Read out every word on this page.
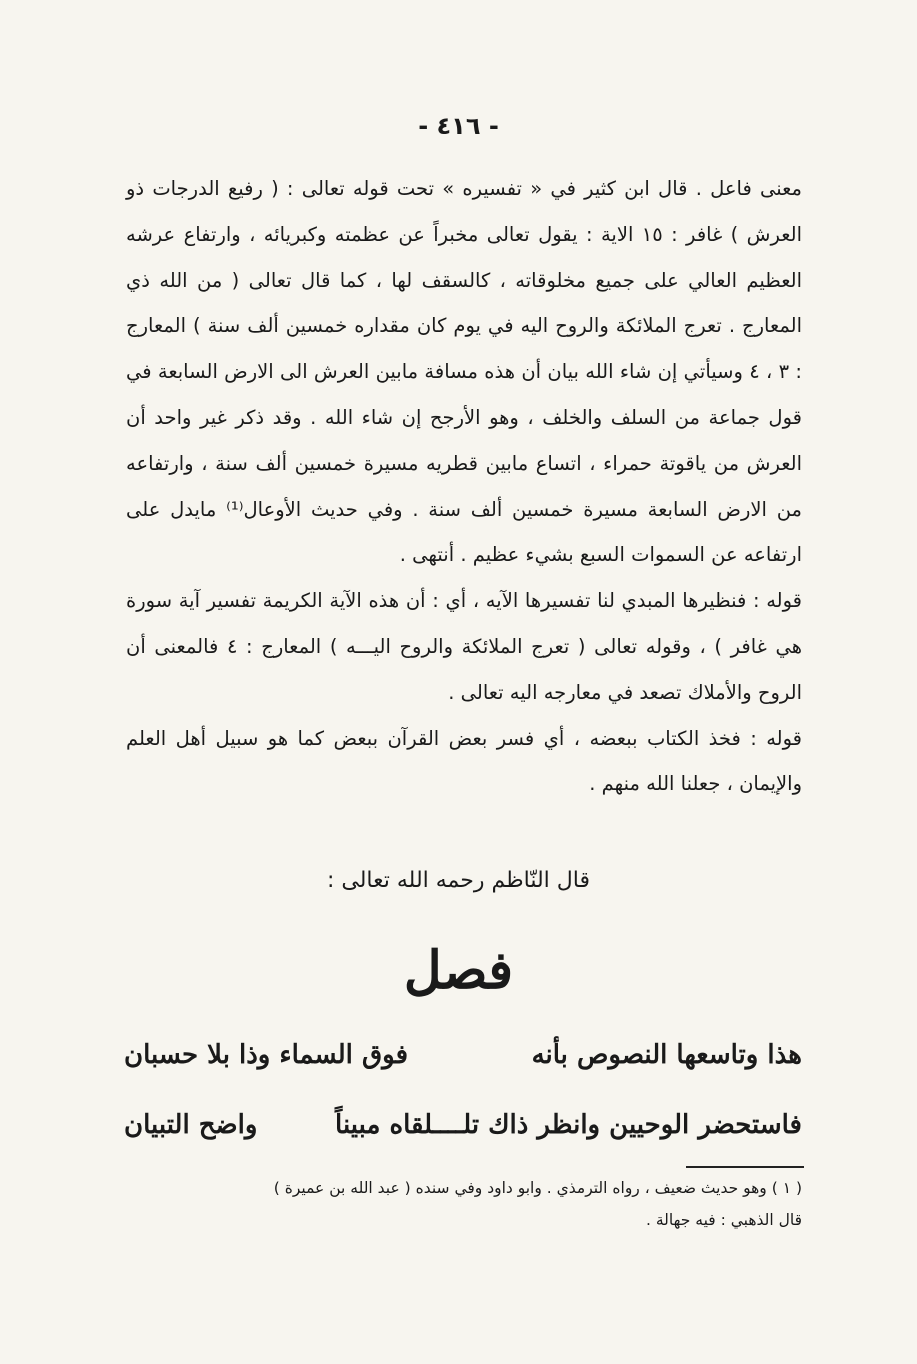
- ٤١٦ -

معنى فاعل . قال ابن كثير في « تفسيره » تحت قوله تعالى : ( رفيع الدرجات ذو العرش ) غافر : ١٥ الاية : يقول تعالى مخبراً عن عظمته وكبريائه ، وارتفاع عرشه العظيم العالي على جميع مخلوقاته ، كالسقف لها ، كما قال تعالى ( من الله ذي المعارج . تعرج الملائكة والروح اليه في يوم كان مقداره خمسين ألف سنة ) المعارج : ٣ ، ٤ وسيأتي إن شاء الله بيان أن هذه مسافة مابين العرش الى الارض السابعة في قول جماعة من السلف والخلف ، وهو الأرجح إن شاء الله . وقد ذكر غير واحد أن العرش من ياقوتة حمراء ، اتساع مابين قطريه مسيرة خمسين ألف سنة ، وارتفاعه من الارض السابعة مسيرة خمسين ألف سنة . وفي حديث الأوعال⁽¹⁾ مايدل على ارتفاعه عن السموات السبع بشيء عظيم . أنتهى .

قوله : فنظيرها المبدي لنا تفسيرها الآيه ، أي : أن هذه الآية الكريمة تفسير آية سورة هي غافر ) ، وقوله تعالى ( تعرج الملائكة والروح اليـــه ) المعارج : ٤ فالمعنى أن الروح والأملاك تصعد في معارجه اليه تعالى .

قوله : فخذ الكتاب ببعضه ، أي فسر بعض القرآن ببعض كما هو سبيل أهل العلم والإيمان ، جعلنا الله منهم .

قال النّاظم رحمه الله تعالى :
فصل
هذا وتاسعها النصوص بأنه
فوق السماء وذا بلا حسبان
فاستحضر الوحيين وانظر ذاك تلــــلقاه مبيناً
واضح التبيان

( ١ ) وهو حديث ضعيف ، رواه الترمذي . وابو داود وفي سنده ( عبد الله بن عميرة )

قال الذهبي : فيه جهالة .
